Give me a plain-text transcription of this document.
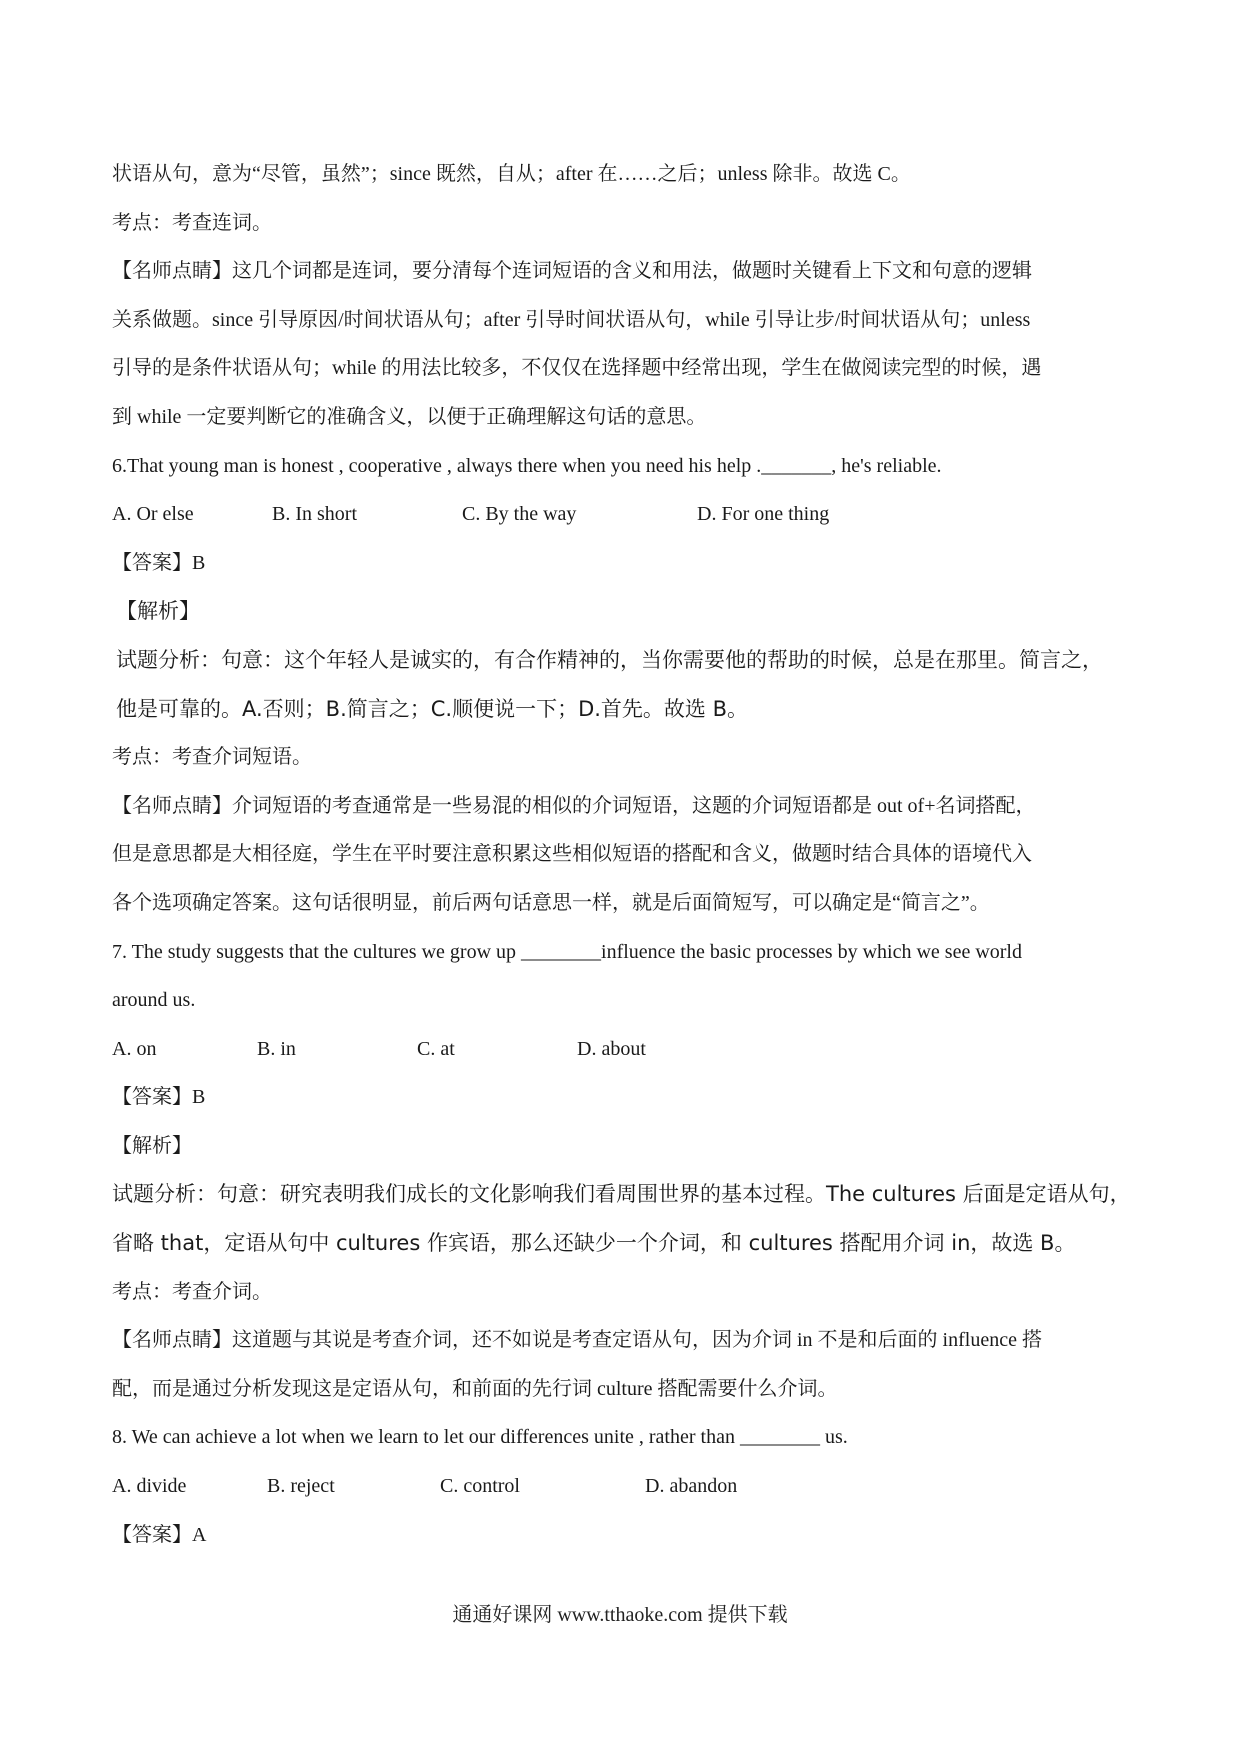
状语从句，意为“尽管，虽然”；since 既然，自从；after 在……之后；unless 除非。故选 C。
考点：考查连词。
【名师点睛】这几个词都是连词，要分清每个连词短语的含义和用法，做题时关键看上下文和句意的逻辑
关系做题。since 引导原因/时间状语从句；after 引导时间状语从句，while 引导让步/时间状语从句；unless
引导的是条件状语从句；while 的用法比较多，不仅仅在选择题中经常出现，学生在做阅读完型的时候，遇
到 while 一定要判断它的准确含义，以便于正确理解这句话的意思。
6.That young man is honest , cooperative , always there when you need his help ._______, he's reliable.
A. Or else	B. In short	C. By the way	D. For one thing
【答案】B
【解析】
试题分析：句意：这个年轻人是诚实的，有合作精神的，当你需要他的帮助的时候，总是在那里。简言之，
他是可靠的。A.否则；B.简言之；C.顺便说一下；D.首先。故选 B。
考点：考查介词短语。
【名师点睛】介词短语的考查通常是一些易混的相似的介词短语，这题的介词短语都是 out of+名词搭配，
但是意思都是大相径庭，学生在平时要注意积累这些相似短语的搭配和含义，做题时结合具体的语境代入
各个选项确定答案。这句话很明显，前后两句话意思一样，就是后面简短写，可以确定是“简言之”。
7. The study suggests that the cultures we grow up ________influence the basic processes by which we see world
around us.
A. on	B. in	C. at	D. about
【答案】B
【解析】
试题分析：句意：研究表明我们成长的文化影响我们看周围世界的基本过程。The cultures 后面是定语从句，
省略 that，定语从句中 cultures 作宾语，那么还缺少一个介词，和 cultures 搭配用介词 in，故选 B。
考点：考查介词。
【名师点睛】这道题与其说是考查介词，还不如说是考查定语从句，因为介词 in 不是和后面的 influence 搭
配，而是通过分析发现这是定语从句，和前面的先行词 culture 搭配需要什么介词。
8. We can achieve a lot when we learn to let our differences unite , rather than ________ us.
A. divide	B. reject	C. control	D. abandon
【答案】A
通通好课网 www.tthaoke.com 提供下载
